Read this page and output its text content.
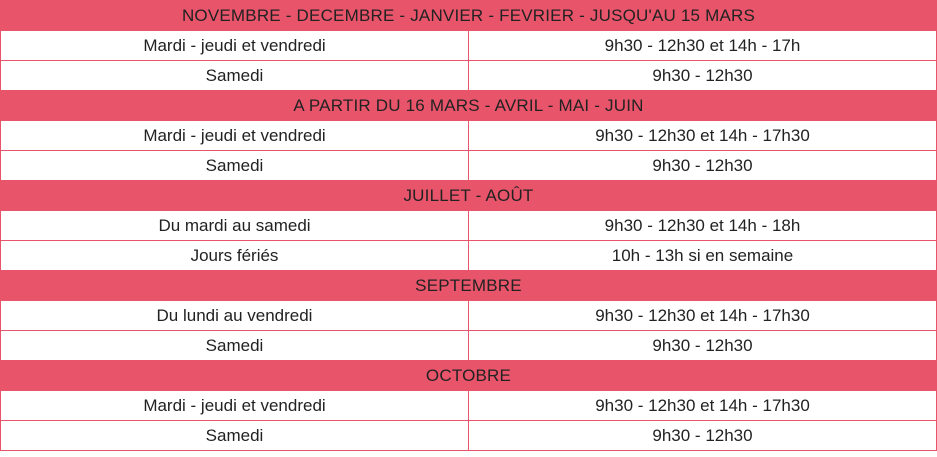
NOVEMBRE - DECEMBRE - JANVIER - FEVRIER - JUSQU'AU 15 MARS	
Mardi - jeudi et vendredi	9h30 - 12h30 et 14h - 17h
Samedi	9h30 - 12h30
A PARTIR DU 16 MARS - AVRIL - MAI - JUIN	
Mardi - jeudi et vendredi	9h30 - 12h30 et 14h - 17h30
Samedi	9h30 - 12h30
JUILLET - AOÛT	
Du mardi au samedi	9h30 - 12h30 et 14h - 18h
Jours fériés	10h - 13h si en semaine
SEPTEMBRE	
Du lundi au vendredi	9h30 - 12h30 et 14h - 17h30
Samedi	9h30 - 12h30
OCTOBRE	
Mardi - jeudi et vendredi	9h30 - 12h30 et 14h - 17h30
Samedi	9h30 - 12h30
